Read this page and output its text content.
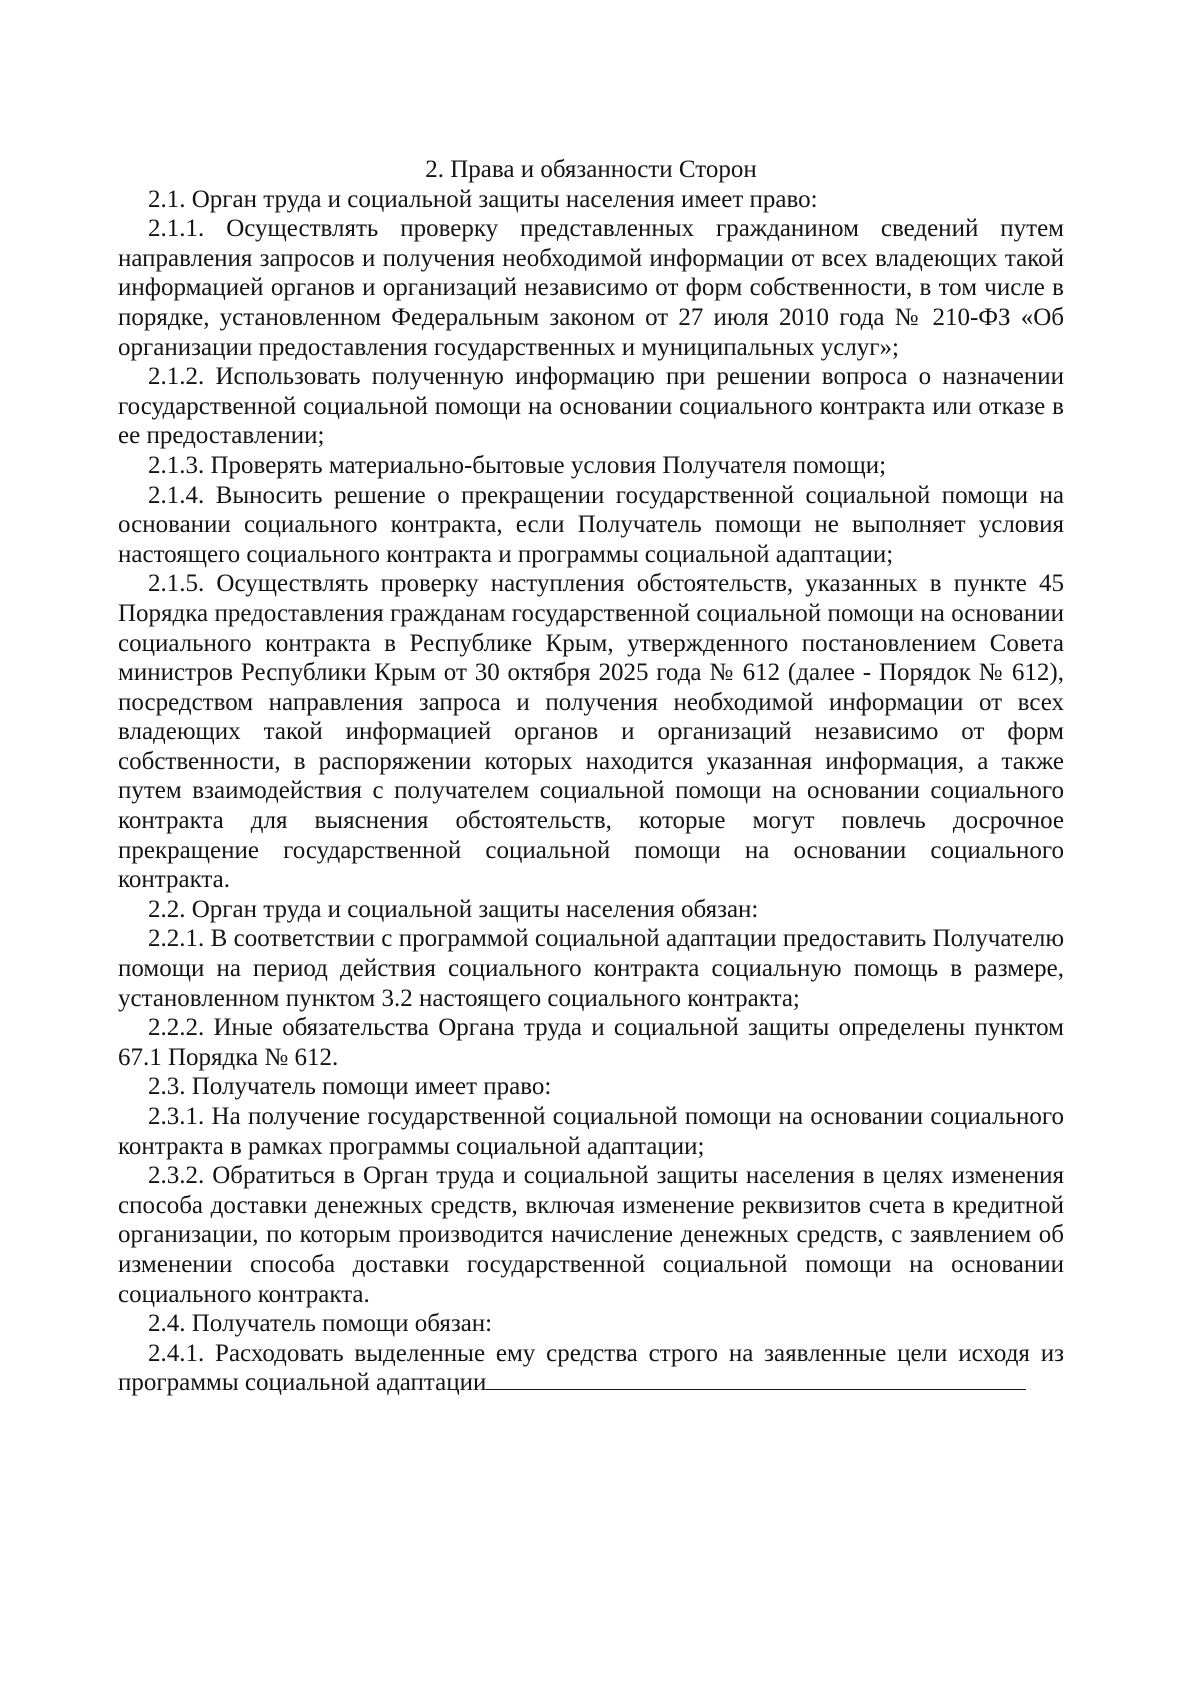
2. Права и обязанности Сторон

2.1. Орган труда и социальной защиты населения имеет право:

2.1.1. Осуществлять проверку представленных гражданином сведений путем направления запросов и получения необходимой информации от всех владеющих такой информацией органов и организаций независимо от форм собственности, в том числе в порядке, установленном Федеральным законом от 27 июля 2010 года № 210-ФЗ «Об организации предоставления государственных и муниципальных услуг»;

2.1.2. Использовать полученную информацию при решении вопроса о назначении государственной социальной помощи на основании социального контракта или отказе в ее предоставлении;

2.1.3. Проверять материально-бытовые условия Получателя помощи;

2.1.4. Выносить решение о прекращении государственной социальной помощи на основании социального контракта, если Получатель помощи не выполняет условия настоящего социального контракта и программы социальной адаптации;

2.1.5. Осуществлять проверку наступления обстоятельств, указанных в пункте 45 Порядка предоставления гражданам государственной социальной помощи на основании социального контракта в Республике Крым, утвержденного постановлением Совета министров Республики Крым от 30 октября 2025 года № 612 (далее - Порядок № 612), посредством направления запроса и получения необходимой информации от всех владеющих такой информацией органов и организаций независимо от форм собственности, в распоряжении которых находится указанная информация, а также путем взаимодействия с получателем социальной помощи на основании социального контракта для выяснения обстоятельств, которые могут повлечь досрочное прекращение государственной социальной помощи на основании социального контракта.

2.2. Орган труда и социальной защиты населения обязан:

2.2.1. В соответствии с программой социальной адаптации предоставить Получателю помощи на период действия социального контракта социальную помощь в размере, установленном пунктом 3.2 настоящего социального контракта;

2.2.2. Иные обязательства Органа труда и социальной защиты определены пунктом 67.1 Порядка № 612.

2.3. Получатель помощи имеет право:

2.3.1. На получение государственной социальной помощи на основании социального контракта в рамках программы социальной адаптации;

2.3.2. Обратиться в Орган труда и социальной защиты населения в целях изменения способа доставки денежных средств, включая изменение реквизитов счета в кредитной организации, по которым производится начисление денежных средств, с заявлением об изменении способа доставки государственной социальной помощи на основании социального контракта.

2.4. Получатель помощи обязан:

2.4.1. Расходовать выделенные ему средства строго на заявленные цели исходя из программы социальной адаптации
